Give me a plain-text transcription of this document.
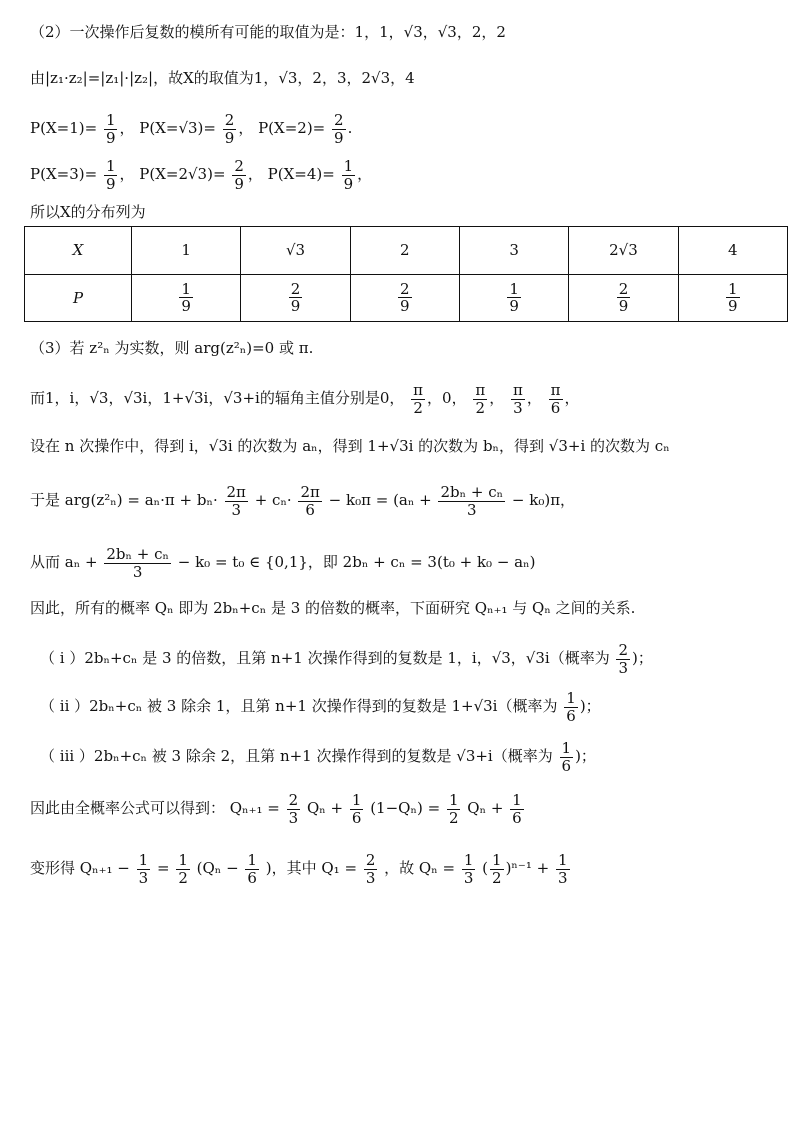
（2）一次操作后复数的模所有可能的取值为是：1，1，√3，√3，2，2
由|z₁·z₂|=|z₁|·|z₂|，故X的取值为1，√3，2，3，2√3，4
$P(X=1)= \frac{1}{9}$ ， $P(X=√3)= \frac{2}{9}$ ， $P(X=2)= \frac{2}{9}$ .
$P(X=3)= \frac{1}{9}$ ， $P(X=2√3)= \frac{2}{9}$ ， $P(X=4)= \frac{1}{9}$ ，
所以X的分布列为
X	1	√3	2	3	2√3	4
P	$\frac{1}{9}$	$\frac{2}{9}$	$\frac{2}{9}$	$\frac{1}{9}$	$\frac{2}{9}$	$\frac{1}{9}$
（3）若 z²ₙ 为实数，则 arg(z²ₙ)=0 或 π.
而1，i，√3，√3i，1+√3i，√3+i的辐角主值分别是0， $\frac{\pi}{2}$ ，0， $\frac{\pi}{2}$ ， $\frac{\pi}{3}$ ， $\frac{\pi}{6}$ ，
设在 n 次操作中，得到 i，√3i 的次数为 aₙ，得到 1+√3i 的次数为 bₙ，得到 √3+i 的次数为 cₙ
于是 $arg(z^2_n) = a_n\cdot\pi + b_n\cdot \frac{2\pi}{3} + c_n\cdot \frac{2\pi}{6} - k_0\pi = (a_n + \frac{\text{2bₙ + cₙ}}{3} - k_0)\pi$，
从而 $a_n + \frac{\text{2bₙ + cₙ}}{3} - k_0 = t_0$ ∈ {0,1}，即 2bₙ + cₙ = 3(t₀ + k₀ − aₙ)
因此，所有的概率 Qₙ 即为 2bₙ+cₙ 是 3 的倍数的概率，下面研究 Qₙ₊₁ 与 Qₙ 之间的关系.
（ i ）2bₙ+cₙ 是 3 的倍数，且第 n+1 次操作得到的复数是 1，i，√3，√3i（概率为 $\frac{2}{3}$ )；
（ ii ）2bₙ+cₙ 被 3 除余 1，且第 n+1 次操作得到的复数是 1+√3i（概率为 $\frac{1}{6}$ )；
（ iii ）2bₙ+cₙ 被 3 除余 2，且第 n+1 次操作得到的复数是 √3+i（概率为 $\frac{1}{6}$ )；
因此由全概率公式可以得到： $Q_{n+1} = \frac{2}{3}$ $Q_n + \frac{1}{6} (1-Q_n) = \frac{1}{2}$ $Q_n + \frac{1}{6}$
变形得 $Q_{n+1} - \frac{1}{3} = \frac{1}{2} (Q_n - \frac{1}{6}$ )，其中 $Q_1 = \frac{2}{3}$ ，故 $Q_n = \frac{1}{3}$ ( $\frac{1}{2} )^{n-1} + \frac{1}{3}$
